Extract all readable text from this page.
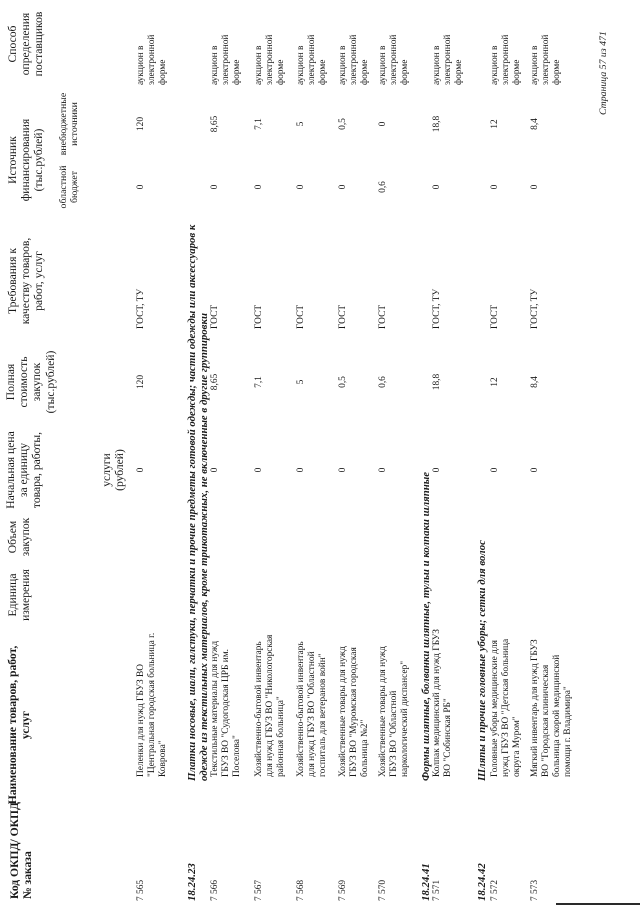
Код ОКПД/ ОКПД № заказа
Наименование товаров, работ, услуг
Единица измерения
Объем закупок
Начальная цена за единицу товара, работы,	услуги (рублей)
Полная стоимость закупок (тыс.рублей)
Требования к качеству товаров, работ, услуг
Источник финансирования (тыс.рублей) областной бюджет
внебюджетные источники
Способ определения поставщиков
7 565
Пеленки для нужд ГБУЗ ВО "Центральная городская больница г. Коврова"
0
120
ГОСТ, ТУ
0
120
аукцион в электронной форме
18.24.23
Платки носовые, шали, галстуки, перчатки и прочие предметы готовой одежды; части одежды или аксессуаров к одежде из текстильных материалов, кроме трикотажных, не включенные в другие группировки
7 566
Текстильные материалы для нужд ГБУЗ ВО "Судогодская ЦРБ им. Поселова"
0
8,65
ГОСТ
0
8,65
аукцион в электронной форме
7 567
Хозяйственно-бытовой инвентарь для нужд ГБУЗ ВО "Никологорская районная больница"
0
7,1
ГОСТ
0
7,1
аукцион в электронной форме
7 568
Хозяйственно-бытовой инвентарь для нужд ГБУЗ ВО "Областной госпиталь для ветеранов войн"
0
5
ГОСТ
0
5
аукцион в электронной форме
7 569
Хозяйственные товары для нужд ГБУЗ ВО "Муромская городская больница №2"
0
0,5
ГОСТ
0
0,5
аукцион в электронной форме
7 570
Хозяйственные товары для нужд ГБУЗ ВО "Областной наркологический диспансер"
0
0,6
ГОСТ
0,6
0
аукцион в электронной форме
18.24.41
Формы шляпные, болванки шляпные, тульи и колпаки шляпные
7 571
Колпак медицинский для нужд ГБУЗ ВО "Собинская РБ"
0
18,8
ГОСТ, ТУ
0
18,8
аукцион в электронной форме
18.24.42
Шляпы и прочие головные уборы; сетки для волос
7 572
Головные уборы медицинские для нужд ГБУЗ ВО "Детская больница округа Муром"
0
12
ГОСТ
0
12
аукцион в электронной форме
7 573
Мягкий инвентарь для нужд ГБУЗ ВО "Городская клиническая больница скорой медицинской помощи г. Владимира"
0
8,4
ГОСТ, ТУ
0
8,4
аукцион в электронной форме	Страница 57 из 471
